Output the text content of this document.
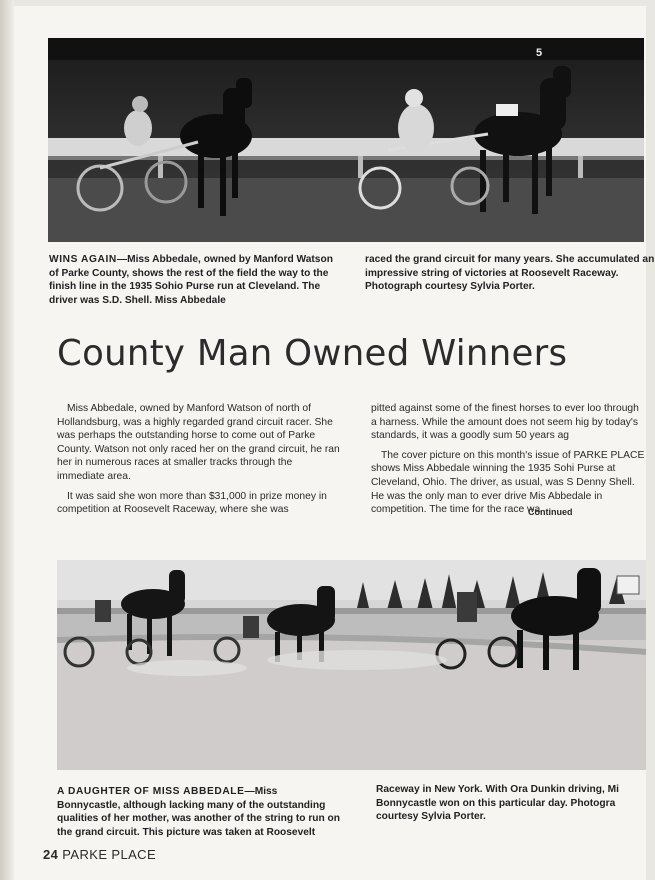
5
WINS AGAIN—Miss Abbedale, owned by Manford Watson of Parke County, shows the rest of the field the way to the finish line in the 1935 Sohio Purse run at Cleveland. The driver was S.D. Shell. Miss Abbedale
raced the grand circuit for many years. She accumulated an impressive string of victories at Roosevelt Raceway. Photograph courtesy Sylvia Porter.
County Man Owned Winners

Miss Abbedale, owned by Manford Watson of north of Hollandsburg, was a highly regarded grand circuit racer. She was perhaps the outstanding horse to come out of Parke County. Watson not only raced her on the grand circuit, he ran her in numerous races at smaller tracks through the immediate area.

It was said she won more than $31,000 in prize money in competition at Roosevelt Raceway, where she was

pitted against some of the finest horses to ever loo through a harness. While the amount does not seem hig by today's standards, it was a goodly sum 50 years ag

The cover picture on this month's issue of PARKE PLACE shows Miss Abbedale winning the 1935 Sohi Purse at Cleveland, Ohio. The driver, as usual, was S Denny Shell. He was the only man to ever drive Mis Abbedale in competition. The time for the race wa

Continued
A DAUGHTER OF MISS ABBEDALE—Miss Bonnycastle, although lacking many of the outstanding qualities of her mother, was another of the string to run on the grand circuit. This picture was taken at Roosevelt
Raceway in New York. With Ora Dunkin driving, Mi Bonnycastle won on this particular day. Photogra courtesy Sylvia Porter.
24 PARKE PLACE
